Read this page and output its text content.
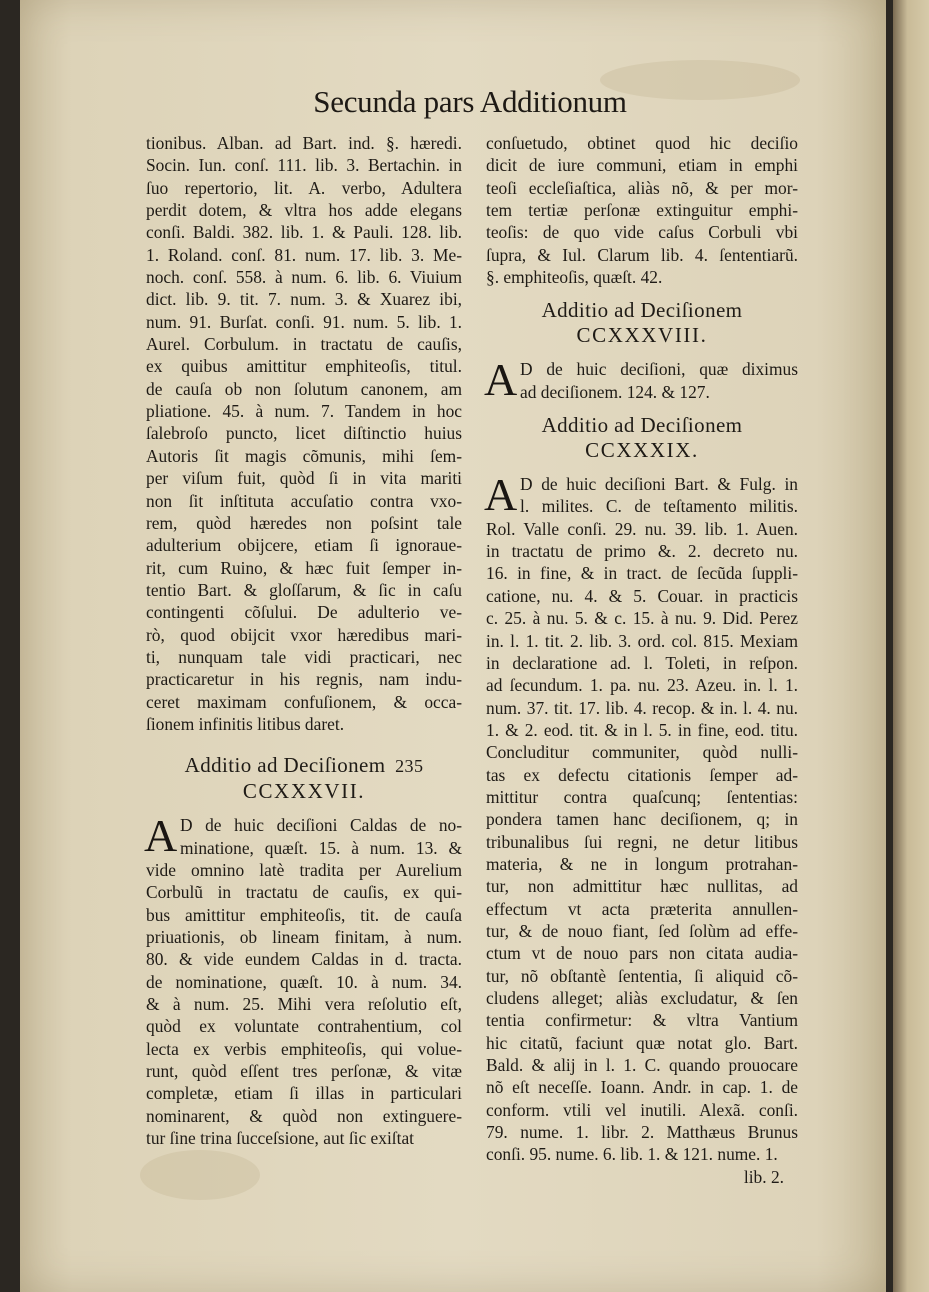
Secunda pars Additionum
tionibus. Alban. ad Bart. ind. §. hæredi.
Socin. Iun. conſ. 111. lib. 3. Bertachin. in
ſuo repertorio, lit. A. verbo, Adultera
perdit dotem, & vltra hos adde elegans
conſi. Baldi. 382. lib. 1. & Pauli. 128. lib.
1. Roland. conſ. 81. num. 17. lib. 3. Me-
noch. conſ. 558. à num. 6. lib. 6. Viuium
dict. lib. 9. tit. 7. num. 3. & Xuarez ibi,
num. 91. Burſat. conſi. 91. num. 5. lib. 1.
Aurel. Corbulum. in tractatu de cauſis,
ex quibus amittitur emphiteoſis, titul.
de cauſa ob non ſolutum canonem, am
pliatione. 45. à num. 7. Tandem in hoc
ſalebroſo puncto, licet diſtinctio huius
Autoris ſit magis cõmunis, mihi ſem-
per viſum fuit, quòd ſi in vita mariti
non ſit inſtituta accuſatio contra vxo-
rem, quòd hæredes non poſsint tale
adulterium obijcere, etiam ſi ignoraue-
rit, cum Ruino, & hæc fuit ſemper in-
tentio Bart. & gloſſarum, & ſic in caſu
contingenti cõſului. De adulterio ve-
rò, quod obijcit vxor hæredibus mari-
ti, nunquam tale vidi practicari, nec
practicaretur in his regnis, nam indu-
ceret maximam confuſionem, & occa-
ſionem infinitis litibus daret.
Additio ad Deciſionem 235
CCXXXVII.
A D de huic deciſioni Caldas de no-
minatione, quæſt. 15. à num. 13. &
vide omnino latè tradita per Aurelium
Corbulũ in tractatu de cauſis, ex qui-
bus amittitur emphiteoſis, tit. de cauſa
priuationis, ob lineam finitam, à num.
80. & vide eundem Caldas in d. tracta.
de nominatione, quæſt. 10. à num. 34.
& à num. 25. Mihi vera reſolutio eſt,
quòd ex voluntate contrahentium, col
lecta ex verbis emphiteoſis, qui volue-
runt, quòd eſſent tres perſonæ, & vitæ
completæ, etiam ſi illas in particulari
nominarent, & quòd non extinguere-
tur ſine trina ſucceſsione, aut ſic exiſtat
conſuetudo, obtinet quod hic deciſio
dicit de iure communi, etiam in emphi
teoſi eccleſiaſtica, aliàs nõ, & per mor-
tem tertiæ perſonæ extinguitur emphi-
teoſis: de quo vide caſus Corbuli vbi
ſupra, & Iul. Clarum lib. 4. ſententiarũ.
§. emphiteoſis, quæſt. 42.
Additio ad Deciſionem
CCXXXVIII.
A D de huic deciſioni, quæ diximus
ad deciſionem. 124. & 127.
Additio ad Deciſionem
CCXXXIX.
A D de huic deciſioni Bart. & Fulg. in
l. milites. C. de teſtamento militis.
Rol. Valle conſi. 29. nu. 39. lib. 1. Auen.
in tractatu de primo &. 2. decreto nu.
16. in fine, & in tract. de ſecũda ſuppli-
catione, nu. 4. & 5. Couar. in practicis
c. 25. à nu. 5. & c. 15. à nu. 9. Did. Perez
in. l. 1. tit. 2. lib. 3. ord. col. 815. Mexiam
in declaratione ad. l. Toleti, in reſpon.
ad ſecundum. 1. pa. nu. 23. Azeu. in. l. 1.
num. 37. tit. 17. lib. 4. recop. & in. l. 4. nu.
1. & 2. eod. tit. & in l. 5. in fine, eod. titu.
Concluditur communiter, quòd nulli-
tas ex defectu citationis ſemper ad-
mittitur contra quaſcunq; ſententias:
pondera tamen hanc deciſionem, q; in
tribunalibus ſui regni, ne detur litibus
materia, & ne in longum protrahan-
tur, non admittitur hæc nullitas, ad
effectum vt acta præterita annullen-
tur, & de nouo fiant, ſed ſolùm ad effe-
ctum vt de nouo pars non citata audia-
tur, nõ obſtantè ſententia, ſi aliquid cõ-
cludens alleget; aliàs excludatur, & ſen
tentia confirmetur: & vltra Vantium
hic citatũ, faciunt quæ notat glo. Bart.
Bald. & alij in l. 1. C. quando prouocare
nõ eſt neceſſe. Ioann. Andr. in cap. 1. de
conform. vtili vel inutili. Alexã. conſi.
79. nume. 1. libr. 2. Matthæus Brunus
conſi. 95. nume. 6. lib. 1. & 121. nume. 1.
lib. 2.
